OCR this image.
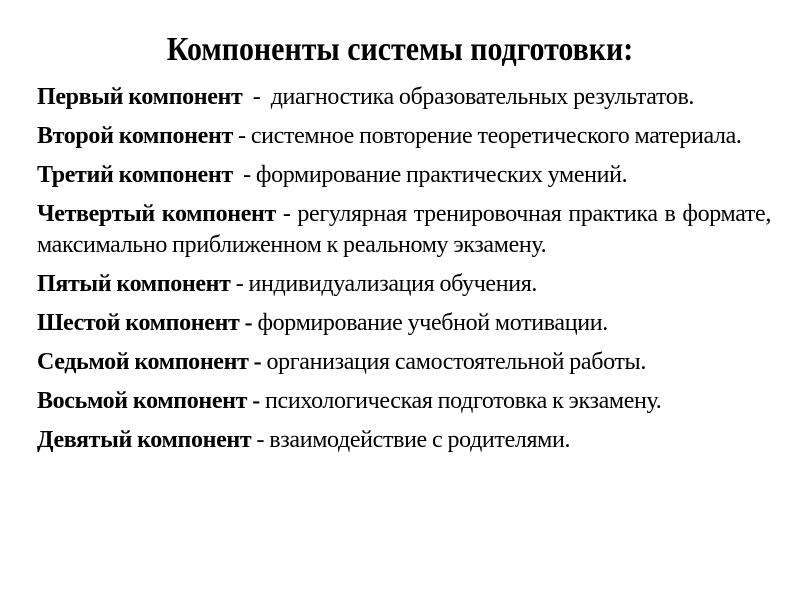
Компоненты системы подготовки:
Первый компонент  -  диагностика образовательных результатов.
Второй компонент - системное повторение теоретического материала.
Третий компонент  - формирование практических умений.
Четвертый компонент - регулярная тренировочная практика в формате, максимально приближенном к реальному экзамену.
Пятый компонент - индивидуализация обучения.
Шестой компонент - формирование учебной мотивации.
Седьмой компонент - организация самостоятельной работы.
Восьмой компонент - психологическая подготовка к экзамену.
Девятый компонент - взаимодействие с родителями.
